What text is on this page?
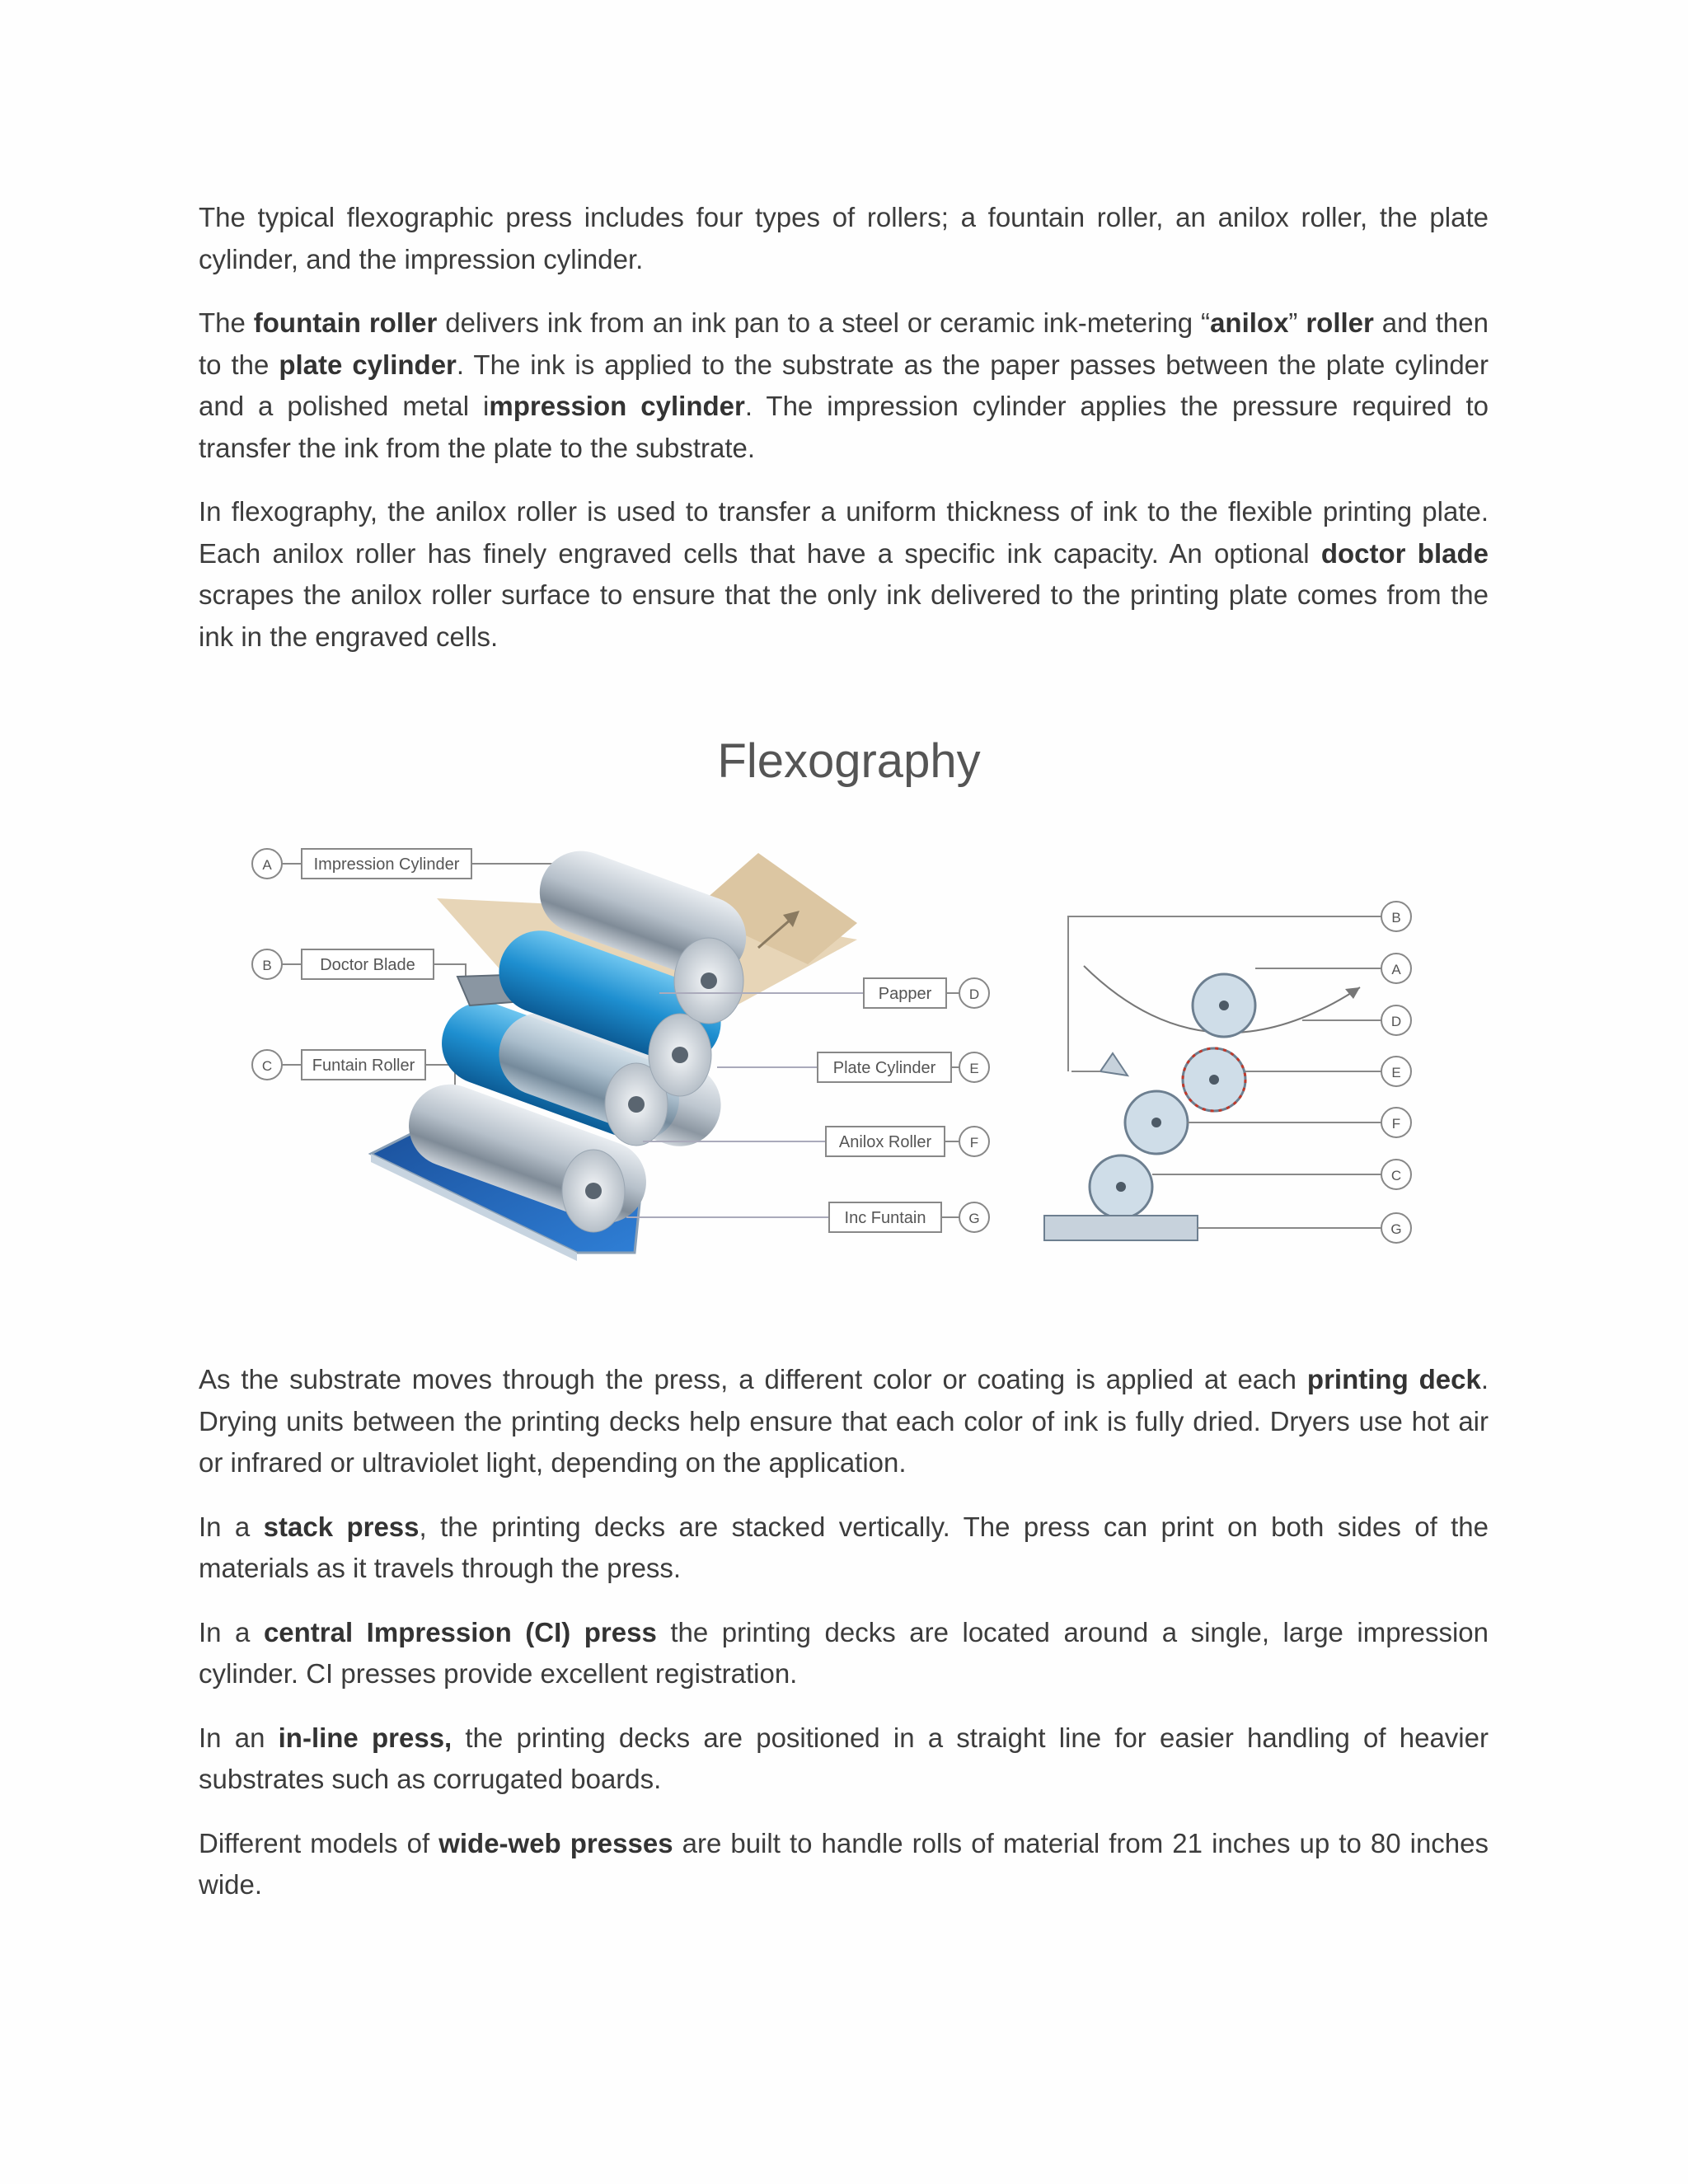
The typical flexographic press includes four types of rollers; a fountain roller, an anilox roller, the plate cylinder, and the impression cylinder.

The fountain roller delivers ink from an ink pan to a steel or ceramic ink-metering “anilox” roller and then to the plate cylinder. The ink is applied to the substrate as the paper passes between the plate cylinder and a polished metal impression cylinder. The impression cylinder applies the pressure required to transfer the ink from the plate to the substrate.

In flexography, the anilox roller is used to transfer a uniform thickness of ink to the flexible printing plate. Each anilox roller has finely engraved cells that have a specific ink capacity. An optional doctor blade scrapes the anilox roller surface to ensure that the only ink delivered to the printing plate comes from the ink in the engraved cells.

Flexography
A	Impression Cylinder
B	Doctor Blade
C Funtain Roller
Papper	D
Plate Cylinder E
Anilox Roller	F
Inc Funtain	G
B
A
D
E
F
C
G

As the substrate moves through the press, a different color or coating is applied at each printing deck. Drying units between the printing decks help ensure that each color of ink is fully dried. Dryers use hot air or infrared or ultraviolet light, depending on the application.

In a stack press, the printing decks are stacked vertically. The press can print on both sides of the materials as it travels through the press.

In a central Impression (CI) press the printing decks are located around a single, large impression cylinder. CI presses provide excellent registration.

In an in-line press, the printing decks are positioned in a straight line for easier handling of heavier substrates such as corrugated boards.

Different models of wide-web presses are built to handle rolls of material from 21 inches up to 80 inches wide.
